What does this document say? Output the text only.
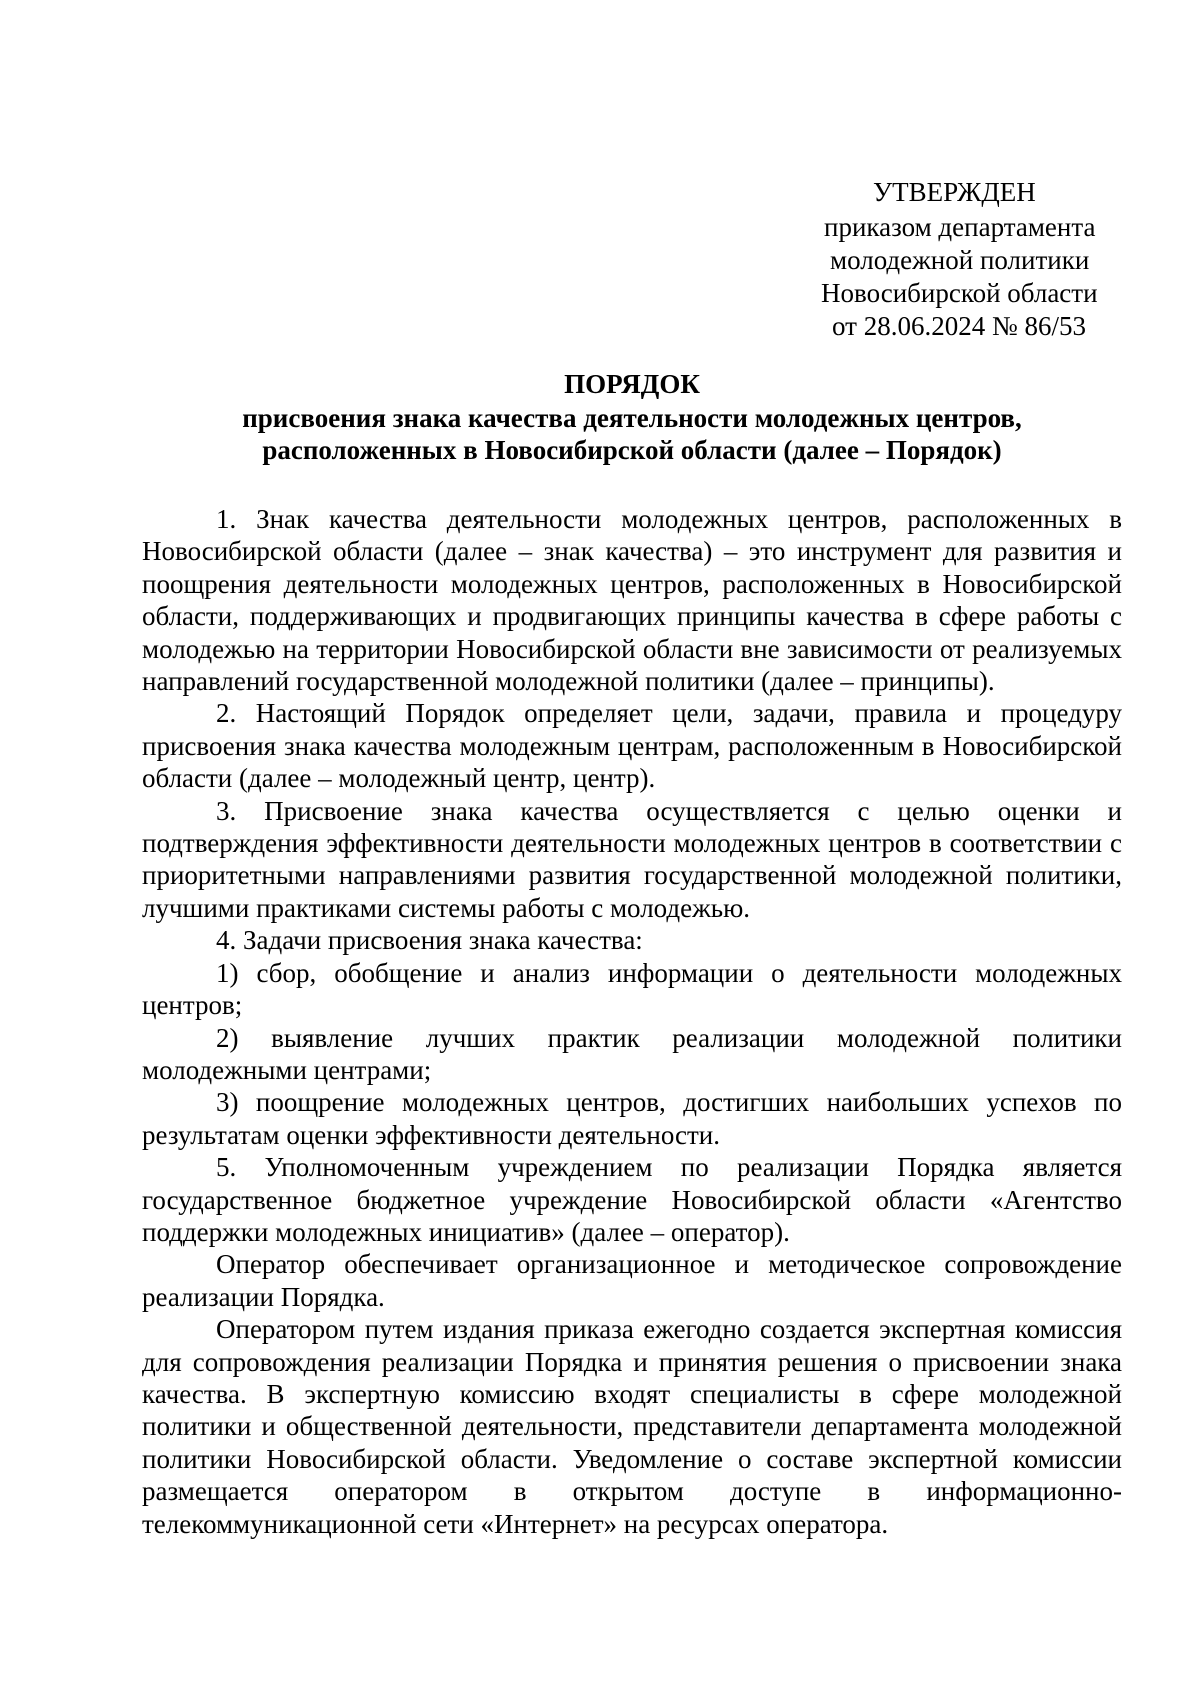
УТВЕРЖДЕН
приказом департамента
молодежной политики
Новосибирской области
от 28.06.2024 № 86/53
ПОРЯДОК
присвоения знака качества деятельности молодежных центров,
расположенных в Новосибирской области (далее – Порядок)

1. Знак качества деятельности молодежных центров, расположенных в Новосибирской области (далее – знак качества) – это инструмент для развития и поощрения деятельности молодежных центров, расположенных в Новосибирской области, поддерживающих и продвигающих принципы качества в сфере работы с молодежью на территории Новосибирской области вне зависимости от реализуемых направлений государственной молодежной политики (далее – принципы).

2. Настоящий Порядок определяет цели, задачи, правила и процедуру присвоения знака качества молодежным центрам, расположенным в Новосибирской области (далее – молодежный центр, центр).

3. Присвоение знака качества осуществляется с целью оценки и подтверждения эффективности деятельности молодежных центров в соответствии с приоритетными направлениями развития государственной молодежной политики, лучшими практиками системы работы с молодежью.

4. Задачи присвоения знака качества:

1) сбор, обобщение и анализ информации о деятельности молодежных центров;

2) выявление лучших практик реализации молодежной политики молодежными центрами;

3) поощрение молодежных центров, достигших наибольших успехов по результатам оценки эффективности деятельности.

5. Уполномоченным учреждением по реализации Порядка является государственное бюджетное учреждение Новосибирской области «Агентство поддержки молодежных инициатив» (далее – оператор).

Оператор обеспечивает организационное и методическое сопровождение реализации Порядка.

Оператором путем издания приказа ежегодно создается экспертная комиссия для сопровождения реализации Порядка и принятия решения о присвоении знака качества. В экспертную комиссию входят специалисты в сфере молодежной политики и общественной деятельности, представители департамента молодежной политики Новосибирской области. Уведомление о составе экспертной комиссии размещается оператором в открытом доступе в информационно-телекоммуникационной сети «Интернет» на ресурсах оператора.
